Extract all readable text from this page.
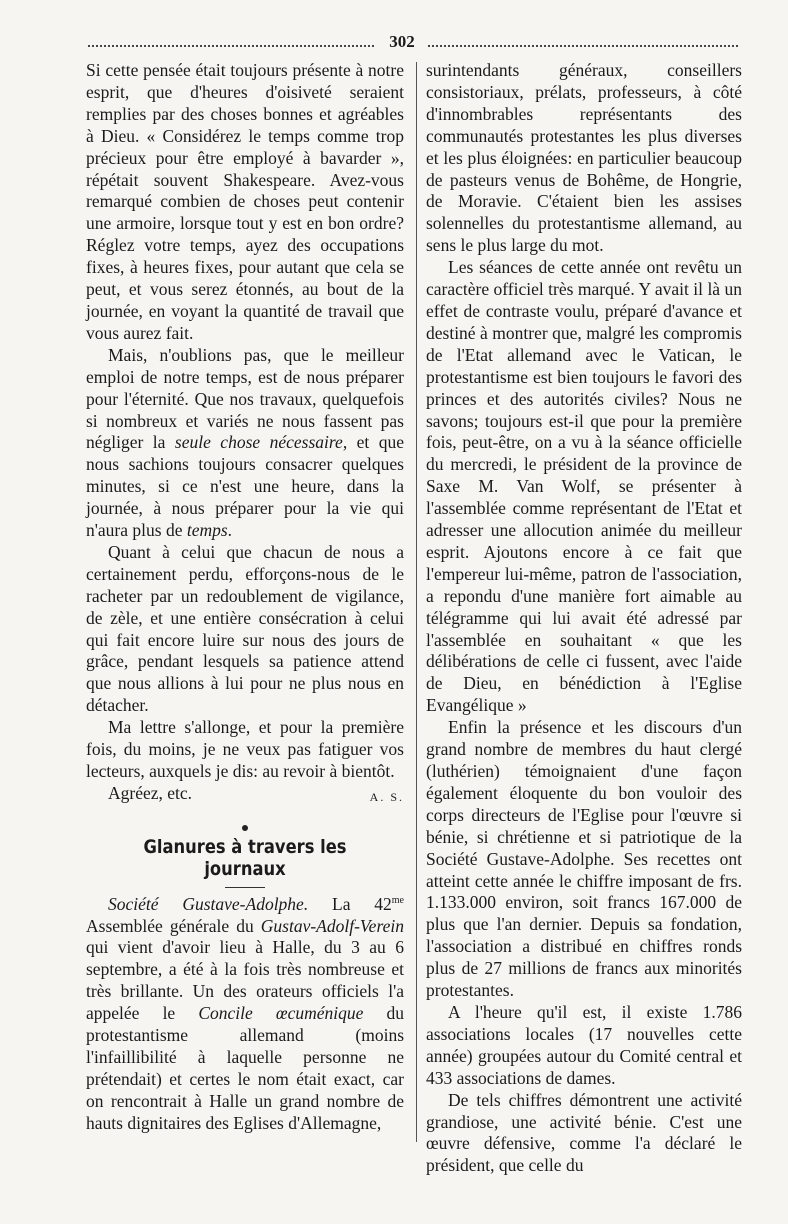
302

Si cette pensée était toujours présente à notre esprit, que d'heures d'oisiveté seraient remplies par des choses bonnes et agréables à Dieu. « Considérez le temps comme trop précieux pour être employé à bavarder », répétait souvent Shakespeare. Avez-vous remarqué combien de choses peut contenir une armoire, lorsque tout y est en bon ordre? Réglez votre temps, ayez des occupations fixes, à heures fixes, pour autant que cela se peut, et vous serez étonnés, au bout de la journée, en voyant la quantité de travail que vous aurez fait.

Mais, n'oublions pas, que le meilleur emploi de notre temps, est de nous préparer pour l'éternité. Que nos travaux, quelquefois si nombreux et variés ne nous fassent pas négliger la seule chose nécessaire, et que nous sachions toujours consacrer quelques minutes, si ce n'est une heure, dans la journée, à nous préparer pour la vie qui n'aura plus de temps.

Quant à celui que chacun de nous a certainement perdu, efforçons-nous de le racheter par un redoublement de vigilance, de zèle, et une entière consécration à celui qui fait encore luire sur nous des jours de grâce, pendant lesquels sa patience attend que nous allions à lui pour ne plus nous en détacher.

Ma lettre s'allonge, et pour la première fois, du moins, je ne veux pas fatiguer vos lecteurs, auxquels je dis: au revoir à bientôt.

Agréez, etc.	A. S.
Glanures à travers les journaux

Société Gustave-Adolphe. La $42^{me}$ Assemblée générale du Gustav-Adolf-Verein qui vient d'avoir lieu à Halle, du 3 au 6 septembre, a été à la fois très nombreuse et très brillante. Un des orateurs officiels l'a appelée le Concile œcuménique du protestantisme allemand (moins l'infaillibilité à laquelle personne ne prétendait) et certes le nom était exact, car on rencontrait à Halle un grand nombre de hauts dignitaires des Eglises d'Allemagne,

surintendants généraux, conseillers consistoriaux, prélats, professeurs, à côté d'innombrables représentants des communautés protestantes les plus diverses et les plus éloignées: en particulier beaucoup de pasteurs venus de Bohême, de Hongrie, de Moravie. C'étaient bien les assises solennelles du protestantisme allemand, au sens le plus large du mot.

Les séances de cette année ont revêtu un caractère officiel très marqué. Y avait il là un effet de contraste voulu, préparé d'avance et destiné à montrer que, malgré les compromis de l'Etat allemand avec le Vatican, le protestantisme est bien toujours le favori des princes et des autorités civiles? Nous ne savons; toujours est-il que pour la première fois, peut-être, on a vu à la séance officielle du mercredi, le président de la province de Saxe M. Van Wolf, se présenter à l'assemblée comme représentant de l'Etat et adresser une allocution animée du meilleur esprit. Ajoutons encore à ce fait que l'empereur lui-même, patron de l'association, a repondu d'une manière fort aimable au télégramme qui lui avait été adressé par l'assemblée en souhaitant « que les délibérations de celle ci fussent, avec l'aide de Dieu, en bénédiction à l'Eglise Evangélique »

Enfin la présence et les discours d'un grand nombre de membres du haut clergé (luthérien) témoignaient d'une façon également éloquente du bon vouloir des corps directeurs de l'Eglise pour l'œuvre si bénie, si chrétienne et si patriotique de la Société Gustave-Adolphe. Ses recettes ont atteint cette année le chiffre imposant de frs. 1.133.000 environ, soit francs 167.000 de plus que l'an dernier. Depuis sa fondation, l'association a distribué en chiffres ronds plus de 27 millions de francs aux minorités protestantes.

A l'heure qu'il est, il existe 1.786 associations locales (17 nouvelles cette année) groupées autour du Comité central et 433 associations de dames.

De tels chiffres démontrent une activité grandiose, une activité bénie. C'est une œuvre défensive, comme l'a déclaré le président, que celle du
